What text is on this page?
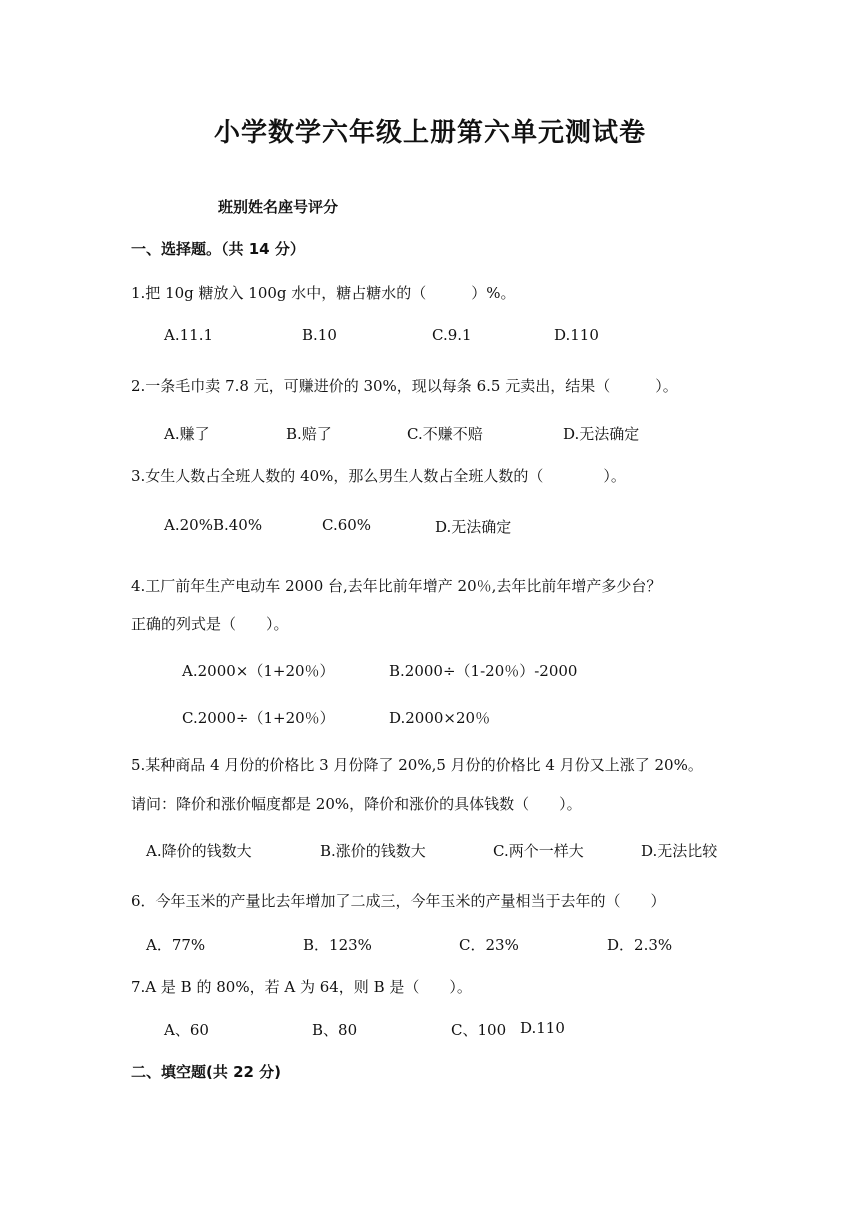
小学数学六年级上册第六单元测试卷
班别姓名座号评分
一、选择题。（共 14 分）
1.把 10g 糖放入 100g 水中，糖占糖水的（　　　）%。
A.11.1	B.10	C.9.1	D.110
2.一条毛巾卖 7.8 元，可赚进价的 30%，现以每条 6.5 元卖出，结果（　　　）。
A.赚了	B.赔了	C.不赚不赔	D.无法确定
3.女生人数占全班人数的 40%，那么男生人数占全班人数的（　　　　）。
A.20%B.40%	C.60%	D.无法确定
4.工厂前年生产电动车 2000 台,去年比前年增产 20％,去年比前年增产多少台？
正确的列式是（　　）。
A.2000×（1+20％）	B.2000÷（1-20％）-2000
C.2000÷（1+20％）	D.2000×20％
5.某种商品 4 月份的价格比 3 月份降了 20%,5 月份的价格比 4 月份又上涨了 20%。
请问：降价和涨价幅度都是 20%，降价和涨价的具体钱数（　　）。
A.降价的钱数大	B.涨价的钱数大	C.两个一样大	D.无法比较
6．今年玉米的产量比去年增加了二成三，今年玉米的产量相当于去年的（　　）
A．77%	B．123%	C．23%	D．2.3%
7.A 是 B 的 80%，若 A 为 64，则 B 是（　　）。
A、60	B、80	C、100 D.110
二、填空题(共 22 分)
